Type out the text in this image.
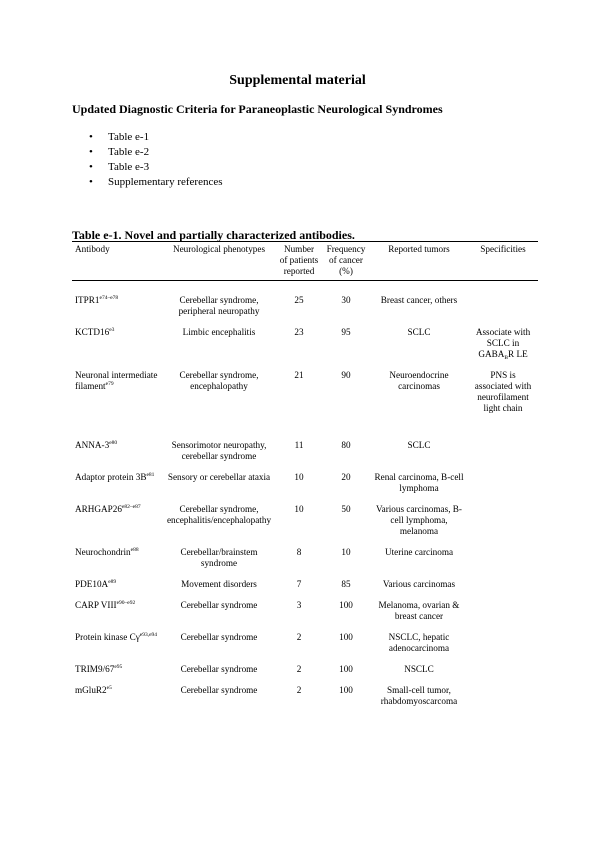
Supplemental material
Updated Diagnostic Criteria for Paraneoplastic Neurological Syndromes
• Table e-1
• Table e-2
• Table e-3
• Supplementary references
Table e-1. Novel and partially characterized antibodies.
Antibody	Neurological phenotypes	Number of patients reported	Frequency of cancer (%)	Reported tumors	Specificities

$ITPR1^{e74-e78}$	Cerebellar syndrome, peripheral neuropathy	25	30	Breast cancer, others	

$KCTD16^{e3}$	Limbic encephalitis	23	95	SCLC	Associate with SCLC in $GABA_BR$ LE

Neuronal intermediate filament$^{e79}$	Cerebellar syndrome, encephalopathy	21	90	Neuroendocrine carcinomas	PNS is associated with neurofilament light chain

ANNA-$3^{e80}$	Sensorimotor neuropathy, cerebellar syndrome	11	80	SCLC	

Adaptor protein $3B^{e81}$	Sensory or cerebellar ataxia	10	20	Renal carcinoma, B-cell lymphoma	

$ARHGAP26^{e82-e87}$	Cerebellar syndrome, encephalitis/encephalopathy	10	50	Various carcinomas, B-cell lymphoma, melanoma	

Neurochondrin$^{e88}$	Cerebellar/brainstem syndrome	8	10	Uterine carcinoma	

$PDE10A^{e89}$	Movement disorders	7	85	Various carcinomas	

CARP $VIII^{e90-e92}$	Cerebellar syndrome	3	100	Melanoma, ovarian & breast cancer	

Protein kinase $C\gamma^{e93,e94}$	Cerebellar syndrome	2	100	NSCLC, hepatic adenocarcinoma	

$TRIM9/67^{e95}$	Cerebellar syndrome	2	100	NSCLC	

$mGluR2^{e5}$	Cerebellar syndrome	2	100	Small-cell tumor, rhabdomyoscarcoma	
